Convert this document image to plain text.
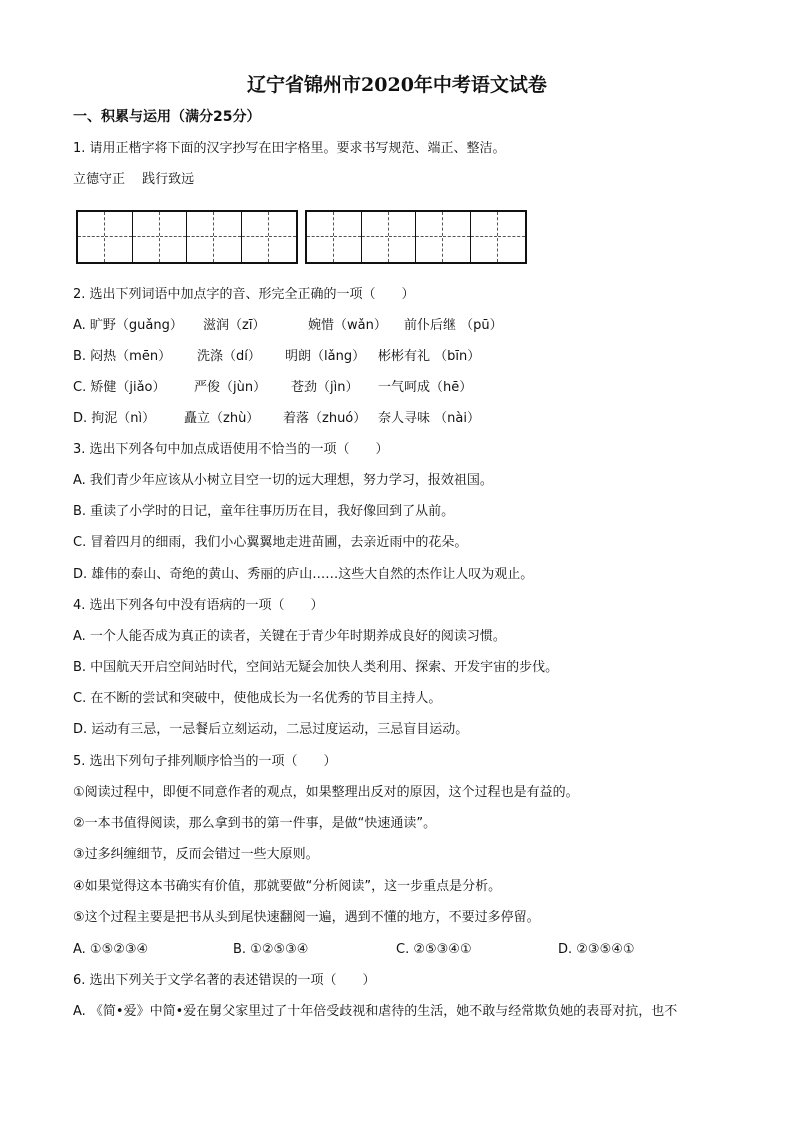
辽宁省锦州市2020年中考语文试卷
一、积累与运用（满分25分）
1. 请用正楷字将下面的汉字抄写在田字格里。要求书写规范、端正、整洁。
立德守正　 践行致远
2. 选出下列词语中加点字的音、形完全正确的一项（　　）
A. 旷野（guǎng） 滋润（zī）	婉惜（wǎn） 前仆后继 （pū）
B. 闷热（mēn） 洗涤（dí） 明朗（lǎng） 彬彬有礼 （bīn）
C. 矫健（jiǎo） 严俊（jùn） 苍劲（jìn） 一气呵成（hē）
D. 拘泥（nì） 矗立（zhù） 着落（zhuó） 奈人寻味 （nài）
3. 选出下列各句中加点成语使用不恰当的一项（　　）
A. 我们青少年应该从小树立目空一切的远大理想，努力学习，报效祖国。
B. 重读了小学时的日记，童年往事历历在目，我好像回到了从前。
C. 冒着四月的细雨，我们小心翼翼地走进苗圃，去亲近雨中的花朵。
D. 雄伟的泰山、奇绝的黄山、秀丽的庐山……这些大自然的杰作让人叹为观止。
4. 选出下列各句中没有语病的一项（　　）
A. 一个人能否成为真正的读者，关键在于青少年时期养成良好的阅读习惯。
B. 中国航天开启空间站时代，空间站无疑会加快人类利用、探索、开发宇宙的步伐。
C. 在不断的尝试和突破中，使他成长为一名优秀的节目主持人。
D. 运动有三忌，一忌餐后立刻运动，二忌过度运动，三忌盲目运动。
5. 选出下列句子排列顺序恰当的一项（　　）
①阅读过程中，即便不同意作者的观点，如果整理出反对的原因，这个过程也是有益的。
②一本书值得阅读，那么拿到书的第一件事，是做“快速通读”。
③过多纠缠细节，反而会错过一些大原则。
④如果觉得这本书确实有价值，那就要做“分析阅读”，这一步重点是分析。
⑤这个过程主要是把书从头到尾快速翻阅一遍，遇到不懂的地方，不要过多停留。
A. ①⑤②③④	B. ①②⑤③④	C. ②⑤③④①	D. ②③⑤④①
6. 选出下列关于文学名著的表述错误的一项（　　）
A. 《简•爱》中简•爱在舅父家里过了十年倍受歧视和虐待的生活，她不敢与经常欺负她的表哥对抗，也不
